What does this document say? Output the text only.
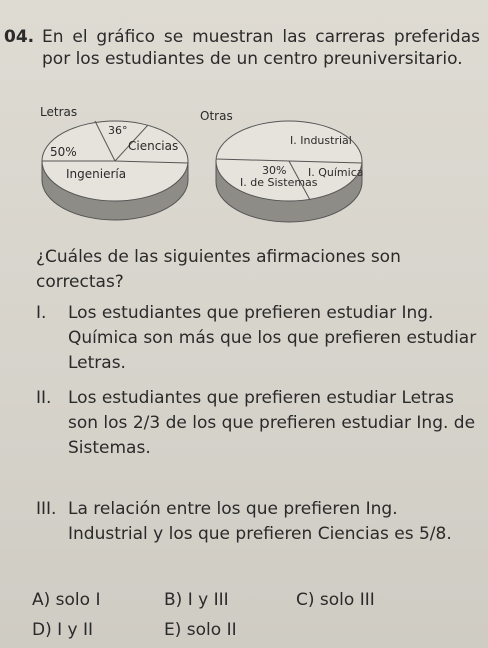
04. En el gráfico se muestran las carreras preferidas por los estudiantes de un centro preuniversitario.
Letras
36°
50%	Ciencias
Ingeniería
Otras
I. Industrial
30% I. Química
I. de Sistemas
¿Cuáles de las siguientes afirmaciones son correctas?
I. Los estudiantes que prefieren estudiar Ing. Química son más que los que prefieren estudiar Letras.
II. Los estudiantes que prefieren estudiar Letras son los 2/3 de los que prefieren estudiar Ing. de Sistemas.
III. La relación entre los que prefieren Ing. Industrial y los que prefieren Ciencias es 5/8.
A) solo I	B) I y III	C) solo III
D) I y II	E) solo II
